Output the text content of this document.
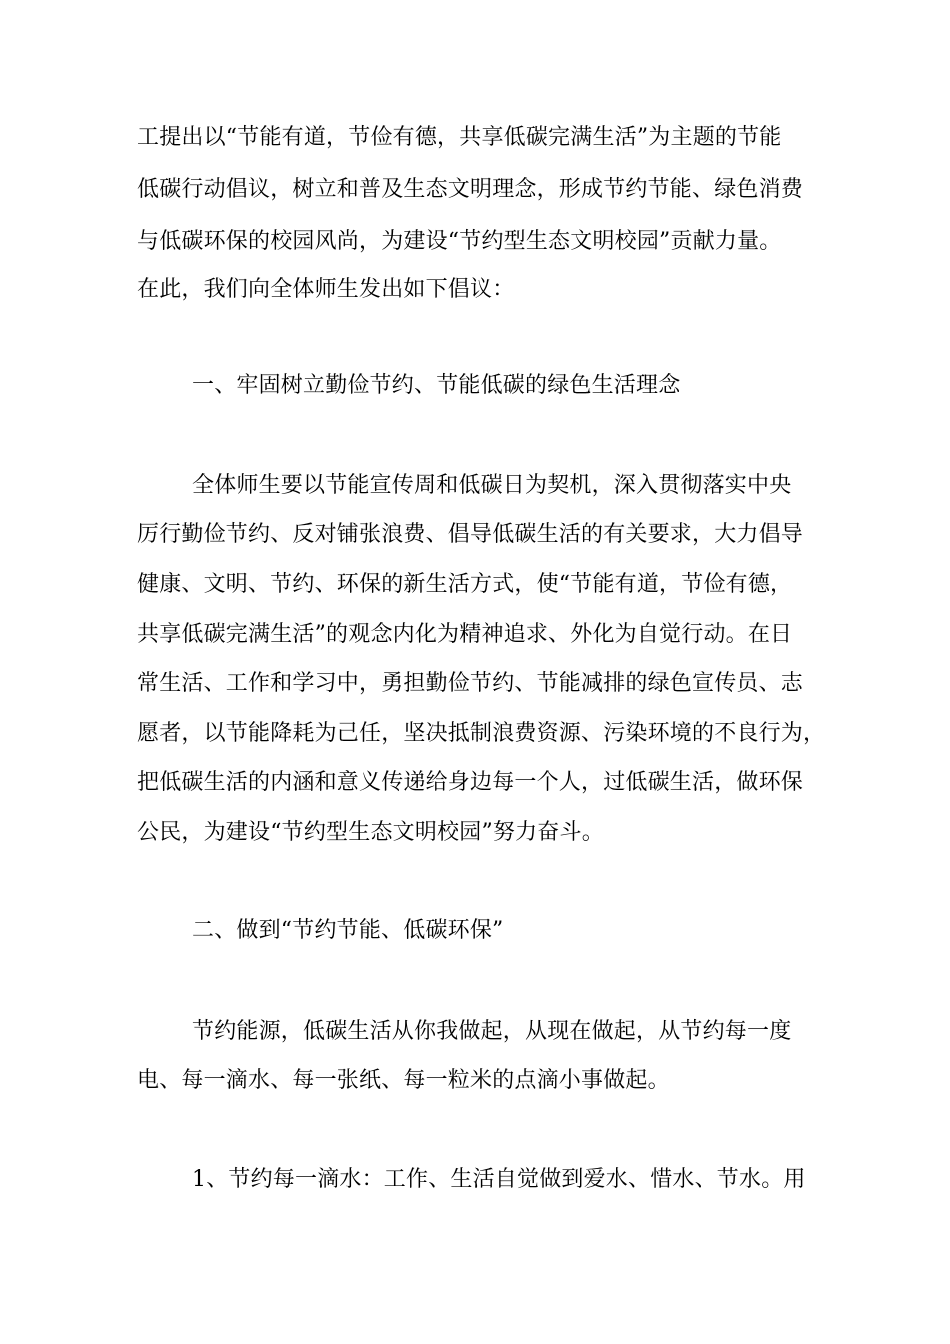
工提出以“节能有道，节俭有德，共享低碳完满生活”为主题的节能
低碳行动倡议，树立和普及生态文明理念，形成节约节能、绿色消费
与低碳环保的校园风尚，为建设“节约型生态文明校园”贡献力量。
在此，我们向全体师生发出如下倡议：
一、牢固树立勤俭节约、节能低碳的绿色生活理念
全体师生要以节能宣传周和低碳日为契机，深入贯彻落实中央
厉行勤俭节约、反对铺张浪费、倡导低碳生活的有关要求，大力倡导
健康、文明、节约、环保的新生活方式，使“节能有道，节俭有德，
共享低碳完满生活”的观念内化为精神追求、外化为自觉行动。在日
常生活、工作和学习中，勇担勤俭节约、节能减排的绿色宣传员、志
愿者，以节能降耗为己任，坚决抵制浪费资源、污染环境的不良行为，
把低碳生活的内涵和意义传递给身边每一个人，过低碳生活，做环保
公民，为建设“节约型生态文明校园”努力奋斗。
二、做到“节约节能、低碳环保”
节约能源，低碳生活从你我做起，从现在做起，从节约每一度
电、每一滴水、每一张纸、每一粒米的点滴小事做起。
1、节约每一滴水：工作、生活自觉做到爱水、惜水、节水。用
